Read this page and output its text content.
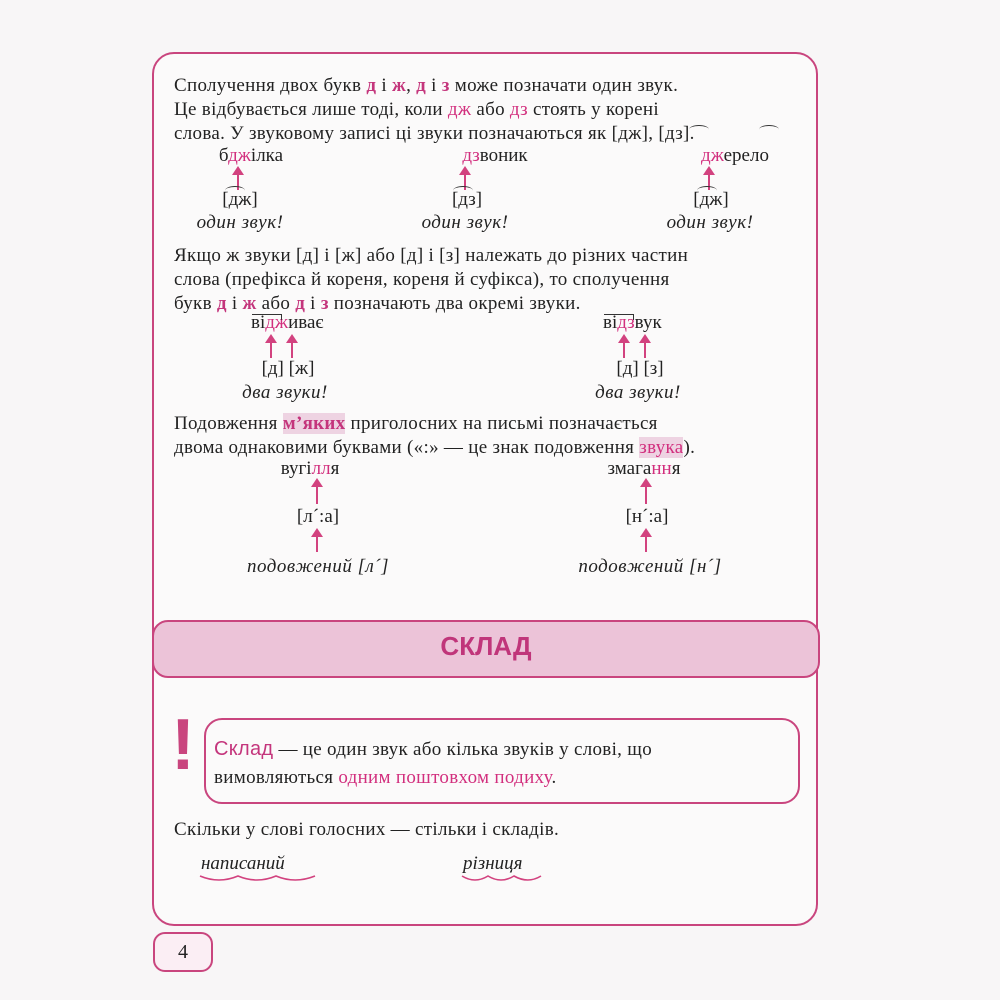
Сполучення двох букв д і ж, д і з може позначати один звук.
Це відбувається лише тоді, коли дж або дз стоять у корені
слова. У звуковому записі ці звуки позначаються як [дж], [дз].
бджілка
[дж]
один звук!
дзвоник
[дз]
один звук!
джерело
[дж]
один звук!
Якщо ж звуки [д] і [ж] або [д] і [з] належать до різних частин
слова (префікса й кореня, кореня й суфікса), то сполучення
букв д і ж або д і з позначають два окремі звуки.
відживає
[д] [ж]
два звуки!
відзвук
[д] [з]
два звуки!
Подовження м’яких приголосних на письмі позначається
двома однаковими буквами («:» — це знак подовження звука).
вугілля
[л´:а]
подовжений [л´]
змагання
[н´:а]
подовжений [н´]
СКЛАД
! Склад — це один звук або кілька звуків у слові, що
вимовляються одним поштовхом подиху.
Скільки у слові голосних — стільки і складів.
написаний	різниця
4
